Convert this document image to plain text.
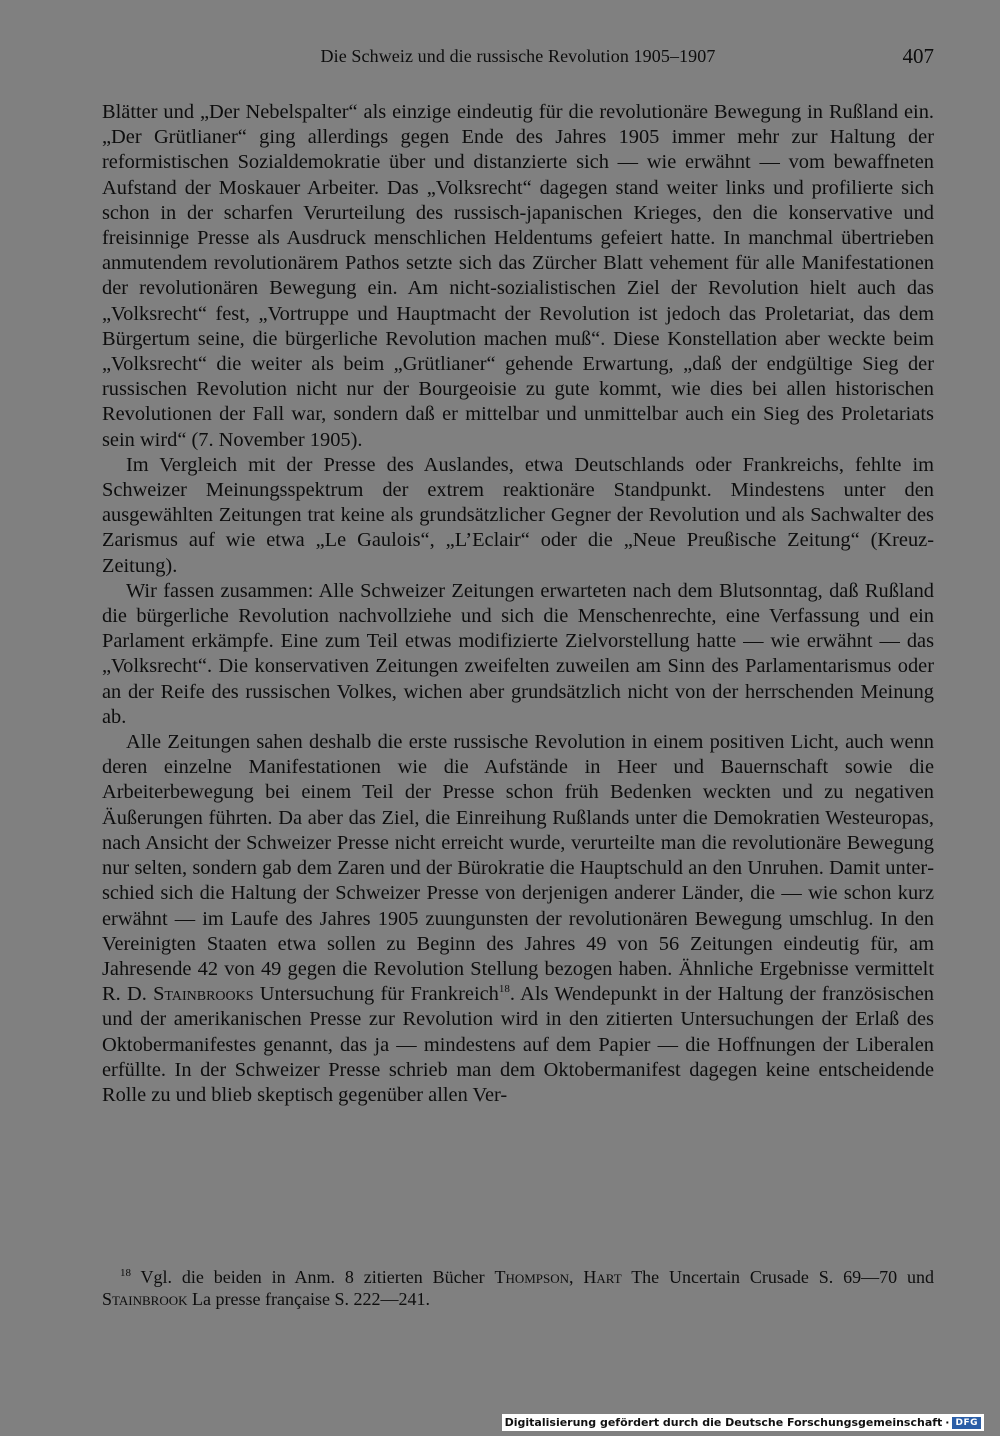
Die Schweiz und die russische Revolution 1905–1907	407

Blätter und „Der Nebelspalter“ als einzige eindeutig für die revolutionäre Bewegung in Rußland ein. „Der Grütlianer“ ging allerdings gegen Ende des Jahres 1905 immer mehr zur Haltung der reformistischen Sozialdemokratie über und distanzierte sich — wie erwähnt — vom bewaffneten Aufstand der Moskauer Arbeiter. Das „Volksrecht“ dagegen stand weiter links und profilierte sich schon in der scharfen Verurteilung des russisch-japanischen Krieges, den die konservative und freisinnige Presse als Ausdruck menschlichen Heldentums gefeiert hatte. In manchmal übertrieben anmutendem revolutionärem Pathos setzte sich das Zürcher Blatt vehement für alle Manifestationen der revolutionären Bewegung ein. Am nicht-sozialistischen Ziel der Revolution hielt auch das „Volksrecht“ fest, „Vortruppe und Hauptmacht der Revolution ist jedoch das Proletariat, das dem Bürgertum seine, die bürgerliche Revolution machen muß“. Diese Konstellation aber weckte beim „Volksrecht“ die weiter als beim „Grütlianer“ gehende Erwartung, „daß der endgültige Sieg der russischen Revolution nicht nur der Bourgeoisie zu gute kommt, wie dies bei allen historischen Revolutionen der Fall war, sondern daß er mittelbar und unmittelbar auch ein Sieg des Proletariats sein wird“ (7. November 1905).

Im Vergleich mit der Presse des Auslandes, etwa Deutschlands oder Frankreichs, fehlte im Schweizer Meinungsspektrum der extrem reaktionäre Standpunkt. Mindestens unter den ausgewählten Zeitungen trat keine als grundsätzlicher Gegner der Revolution und als Sachwalter des Zarismus auf wie etwa „Le Gaulois“, „L’Eclair“ oder die „Neue Preußische Zeitung“ (Kreuz-Zeitung).

Wir fassen zusammen: Alle Schweizer Zeitungen erwarteten nach dem Blutsonntag, daß Rußland die bürgerliche Revolution nachvollziehe und sich die Menschenrechte, eine Verfassung und ein Parlament erkämpfe. Eine zum Teil etwas modifizierte Zielvorstellung hatte — wie erwähnt — das „Volksrecht“. Die konservativen Zeitungen zweifelten zuweilen am Sinn des Parlamentarismus oder an der Reife des russischen Volkes, wichen aber grundsätzlich nicht von der herrschenden Meinung ab.

Alle Zeitungen sahen deshalb die erste russische Revolution in einem positiven Licht, auch wenn deren einzelne Manifestationen wie die Aufstände in Heer und Bauernschaft sowie die Arbeiterbewegung bei einem Teil der Presse schon früh Bedenken weckten und zu negativen Äußerungen führten. Da aber das Ziel, die Einreihung Rußlands unter die Demokratien Westeuropas, nach Ansicht der Schweizer Presse nicht erreicht wurde, verurteilte man die revolutionäre Bewegung nur selten, sondern gab dem Zaren und der Bürokratie die Hauptschuld an den Unruhen. Damit unterschied sich die Haltung der Schweizer Presse von derjenigen anderer Länder, die — wie schon kurz erwähnt — im Laufe des Jahres 1905 zuungunsten der revolutionären Bewegung umschlug. In den Vereinigten Staaten etwa sollen zu Beginn des Jahres 49 von 56 Zeitungen eindeutig für, am Jahresende 42 von 49 gegen die Revolution Stellung bezogen haben. Ähnliche Ergebnisse vermittelt R. D. Stainbrooks Untersuchung für Frankreich$^{18}$. Als Wendepunkt in der Haltung der französischen und der amerikanischen Presse zur Revolution wird in den zitierten Untersuchungen der Erlaß des Oktobermanifestes genannt, das ja — mindestens auf dem Papier — die Hoffnungen der Liberalen erfüllte. In der Schweizer Presse schrieb man dem Oktobermanifest dagegen keine entscheidende Rolle zu und blieb skeptisch gegenüber allen Ver-

$^{18}$ Vgl. die beiden in Anm. 8 zitierten Bücher Thompson, Hart The Uncertain Crusade S. 69—70 und Stainbrook La presse française S. 222—241.

Digitalisierung gefördert durch die Deutsche Forschungsgemeinschaft · DFG
